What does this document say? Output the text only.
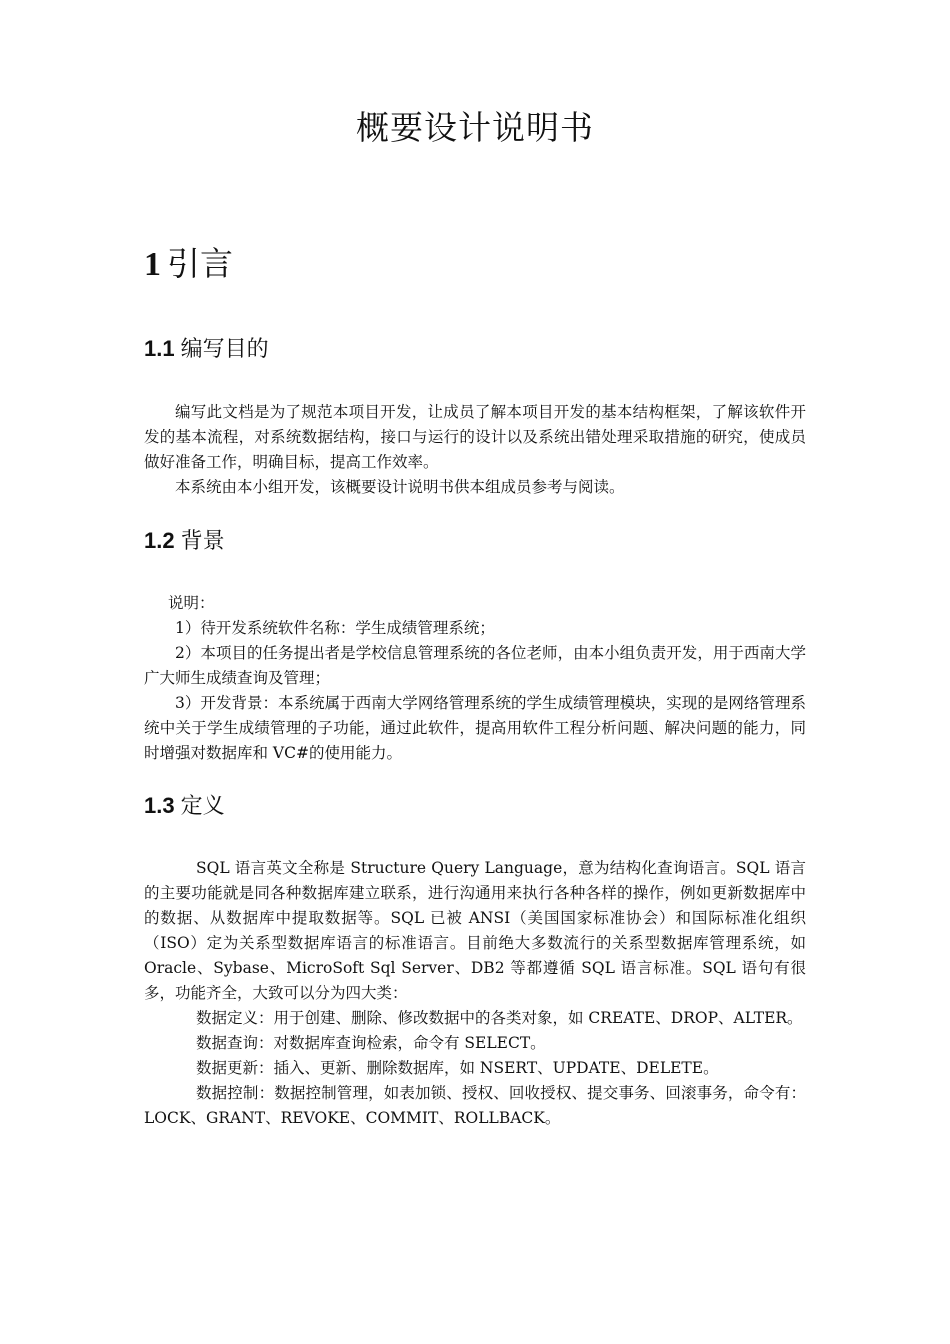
概要设计说明书
1 引言
1.1 编写目的

编写此文档是为了规范本项目开发，让成员了解本项目开发的基本结构框架，了解该软件开发的基本流程，对系统数据结构，接口与运行的设计以及系统出错处理采取措施的研究，使成员做好准备工作，明确目标，提高工作效率。

本系统由本小组开发，该概要设计说明书供本组成员参考与阅读。

1.2 背景

说明：

1）待开发系统软件名称：学生成绩管理系统；

2）本项目的任务提出者是学校信息管理系统的各位老师，由本小组负责开发，用于西南大学广大师生成绩查询及管理；

3）开发背景：本系统属于西南大学网络管理系统的学生成绩管理模块，实现的是网络管理系统中关于学生成绩管理的子功能，通过此软件，提高用软件工程分析问题、解决问题的能力，同时增强对数据库和 VC#的使用能力。

1.3 定义

SQL 语言英文全称是 Structure Query Language，意为结构化查询语言。SQL 语言的主要功能就是同各种数据库建立联系，进行沟通用来执行各种各样的操作，例如更新数据库中的数据、从数据库中提取数据等。SQL 已被 ANSI（美国国家标准协会）和国际标准化组织（ISO）定为关系型数据库语言的标准语言。目前绝大多数流行的关系型数据库管理系统，如 Oracle、Sybase、MicroSoft Sql Server、DB2 等都遵循 SQL 语言标准。SQL 语句有很多，功能齐全，大致可以分为四大类：

数据定义：用于创建、删除、修改数据中的各类对象，如 CREATE、DROP、ALTER。

数据查询：对数据库查询检索，命令有 SELECT。

数据更新：插入、更新、删除数据库，如 NSERT、UPDATE、DELETE。

数据控制：数据控制管理，如表加锁、授权、回收授权、提交事务、回滚事务，命令有：LOCK、GRANT、REVOKE、COMMIT、ROLLBACK。
